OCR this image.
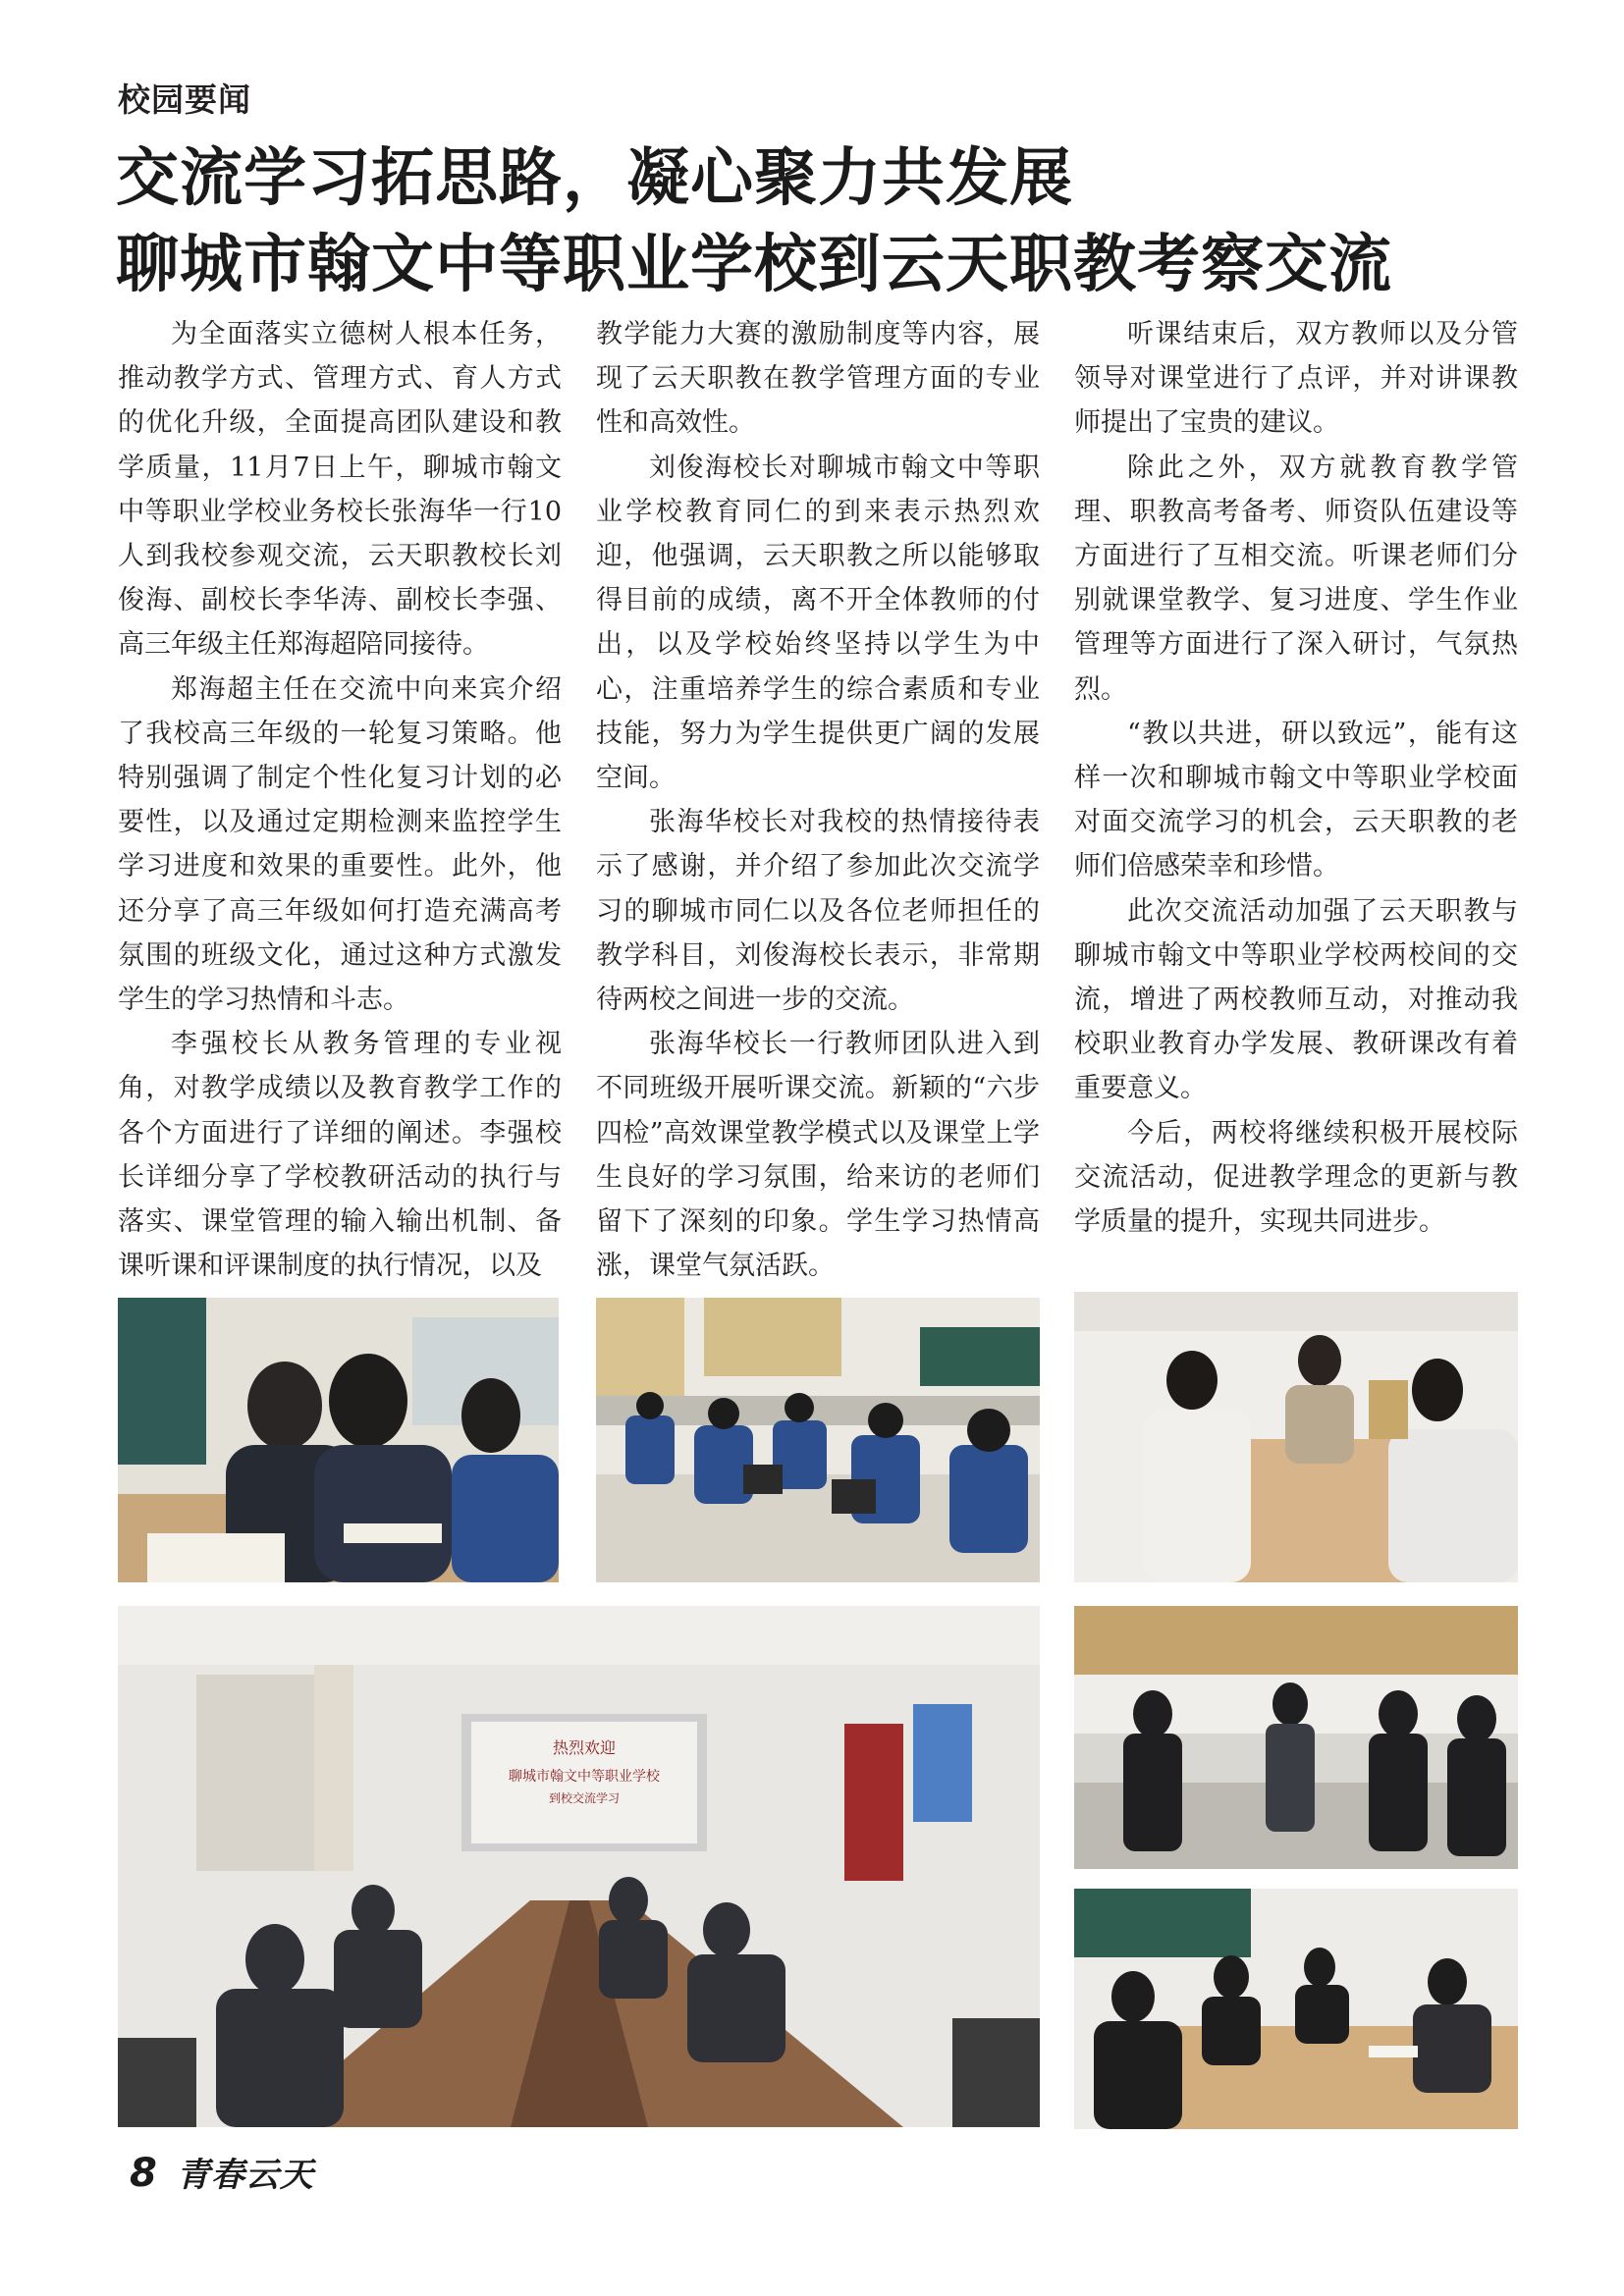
校园要闻
交流学习拓思路，凝心聚力共发展
聊城市翰文中等职业学校到云天职教考察交流

为全面落实立德树人根本任务，推动教学方式、管理方式、育人方式的优化升级，全面提高团队建设和教学质量，11月7日上午，聊城市翰文中等职业学校业务校长张海华一行10人到我校参观交流，云天职教校长刘俊海、副校长李华涛、副校长李强、高三年级主任郑海超陪同接待。

郑海超主任在交流中向来宾介绍了我校高三年级的一轮复习策略。他特别强调了制定个性化复习计划的必要性，以及通过定期检测来监控学生学习进度和效果的重要性。此外，他还分享了高三年级如何打造充满高考氛围的班级文化，通过这种方式激发学生的学习热情和斗志。

李强校长从教务管理的专业视角，对教学成绩以及教育教学工作的各个方面进行了详细的阐述。李强校长详细分享了学校教研活动的执行与落实、课堂管理的输入输出机制、备课听课和评课制度的执行情况，以及

教学能力大赛的激励制度等内容，展现了云天职教在教学管理方面的专业性和高效性。

刘俊海校长对聊城市翰文中等职业学校教育同仁的到来表示热烈欢迎，他强调，云天职教之所以能够取得目前的成绩，离不开全体教师的付出，以及学校始终坚持以学生为中心，注重培养学生的综合素质和专业技能，努力为学生提供更广阔的发展空间。

张海华校长对我校的热情接待表示了感谢，并介绍了参加此次交流学习的聊城市同仁以及各位老师担任的教学科目，刘俊海校长表示，非常期待两校之间进一步的交流。

张海华校长一行教师团队进入到不同班级开展听课交流。新颖的“六步四检”高效课堂教学模式以及课堂上学生良好的学习氛围，给来访的老师们留下了深刻的印象。学生学习热情高涨，课堂气氛活跃。

听课结束后，双方教师以及分管领导对课堂进行了点评，并对讲课教师提出了宝贵的建议。

除此之外，双方就教育教学管理、职教高考备考、师资队伍建设等方面进行了互相交流。听课老师们分别就课堂教学、复习进度、学生作业管理等方面进行了深入研讨，气氛热烈。

“教以共进，研以致远”，能有这样一次和聊城市翰文中等职业学校面对面交流学习的机会，云天职教的老师们倍感荣幸和珍惜。

此次交流活动加强了云天职教与聊城市翰文中等职业学校两校间的交流，增进了两校教师互动，对推动我校职业教育办学发展、教研课改有着重要意义。

今后，两校将继续积极开展校际交流活动，促进教学理念的更新与教学质量的提升，实现共同进步。

热烈欢迎
聊城市翰文中等职业学校
到校交流学习
8 青春云天
